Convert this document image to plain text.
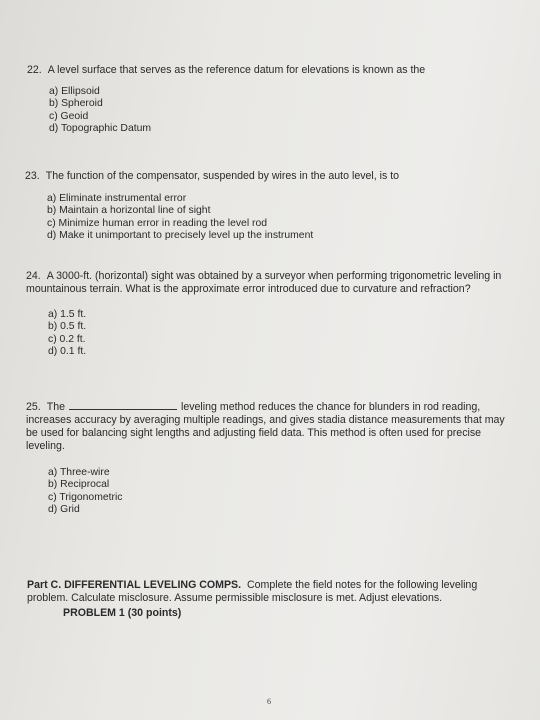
22. A level surface that serves as the reference datum for elevations is known as the

a) Ellipsoid
b) Spheroid
c) Geoid
d) Topographic Datum

23. The function of the compensator, suspended by wires in the auto level, is to

a) Eliminate instrumental error
b) Maintain a horizontal line of sight
c) Minimize human error in reading the level rod
d) Make it unimportant to precisely level up the instrument

24. A 3000-ft. (horizontal) sight was obtained by a surveyor when performing trigonometric leveling in mountainous terrain. What is the approximate error introduced due to curvature and refraction?

a) 1.5 ft.
b) 0.5 ft.
c) 0.2 ft.
d) 0.1 ft.

25. The	leveling method reduces the chance for blunders in rod reading, increases accuracy by averaging multiple readings, and gives stadia distance measurements that may be used for balancing sight lengths and adjusting field data. This method is often used for precise leveling.

a) Three-wire
b) Reciprocal
c) Trigonometric
d) Grid
Part C. DIFFERENTIAL LEVELING COMPS. Complete the field notes for the following leveling problem. Calculate misclosure. Assume permissible misclosure is met. Adjust elevations.
PROBLEM 1 (30 points)
6
